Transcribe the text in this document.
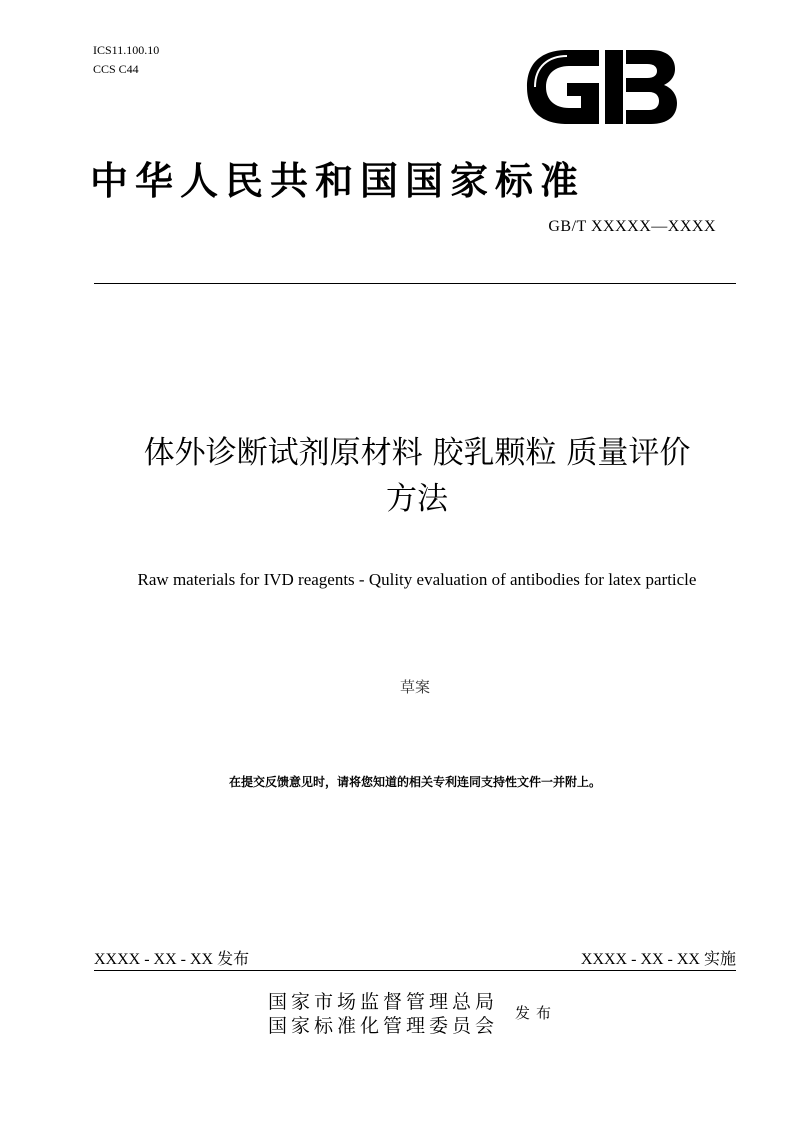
ICS11.100.10
CCS C44
中华人民共和国国家标准
GB/T XXXXX—XXXX
体外诊断试剂原材料 胶乳颗粒 质量评价
方法
Raw materials for IVD reagents - Qulity evaluation of antibodies for latex particle
草案
在提交反馈意见时，请将您知道的相关专利连同支持性文件一并附上。
XXXX - XX - XX 发布	XXXX - XX - XX 实施
国家市场监督管理总局
国家标准化管理委员会
发布
